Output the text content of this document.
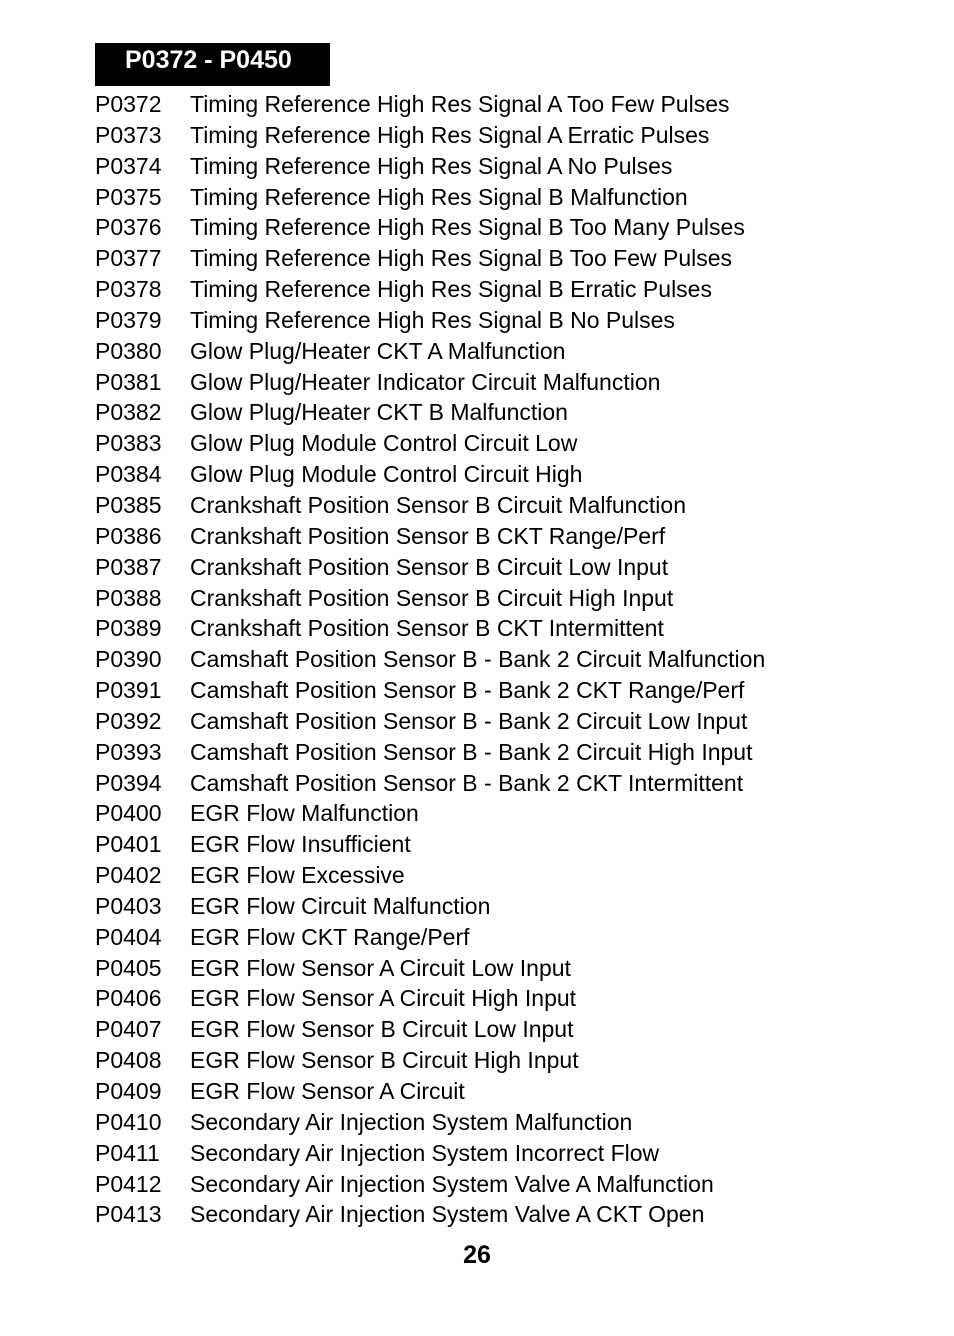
P0372 - P0450
P0372	Timing Reference High Res Signal A Too Few Pulses
P0373	Timing Reference High Res Signal A Erratic Pulses
P0374	Timing Reference High Res Signal A No Pulses
P0375	Timing Reference High Res Signal B Malfunction
P0376	Timing Reference High Res Signal B Too Many Pulses
P0377	Timing Reference High Res Signal B Too Few Pulses
P0378	Timing Reference High Res Signal B Erratic Pulses
P0379	Timing Reference High Res Signal B No Pulses
P0380	Glow Plug/Heater CKT A Malfunction
P0381	Glow Plug/Heater Indicator Circuit Malfunction
P0382	Glow Plug/Heater CKT B Malfunction
P0383	Glow Plug Module Control Circuit Low
P0384	Glow Plug Module Control Circuit High
P0385	Crankshaft Position Sensor B Circuit Malfunction
P0386	Crankshaft Position Sensor B CKT Range/Perf
P0387	Crankshaft Position Sensor B Circuit Low Input
P0388	Crankshaft Position Sensor B Circuit High Input
P0389	Crankshaft Position Sensor B CKT Intermittent
P0390	Camshaft Position Sensor B - Bank 2 Circuit Malfunction
P0391	Camshaft Position Sensor B - Bank 2 CKT Range/Perf
P0392	Camshaft Position Sensor B - Bank 2 Circuit Low Input
P0393	Camshaft Position Sensor B - Bank 2 Circuit High Input
P0394	Camshaft Position Sensor B - Bank 2 CKT Intermittent
P0400	EGR Flow Malfunction
P0401	EGR Flow Insufficient
P0402	EGR Flow Excessive
P0403	EGR Flow Circuit Malfunction
P0404	EGR Flow CKT Range/Perf
P0405	EGR Flow Sensor A Circuit Low Input
P0406	EGR Flow Sensor A Circuit High Input
P0407	EGR Flow Sensor B Circuit Low Input
P0408	EGR Flow Sensor B Circuit High Input
P0409	EGR Flow Sensor A Circuit
P0410	Secondary Air Injection System Malfunction
P0411	Secondary Air Injection System Incorrect Flow
P0412	Secondary Air Injection System Valve A Malfunction
P0413	Secondary Air Injection System Valve A CKT Open
26
